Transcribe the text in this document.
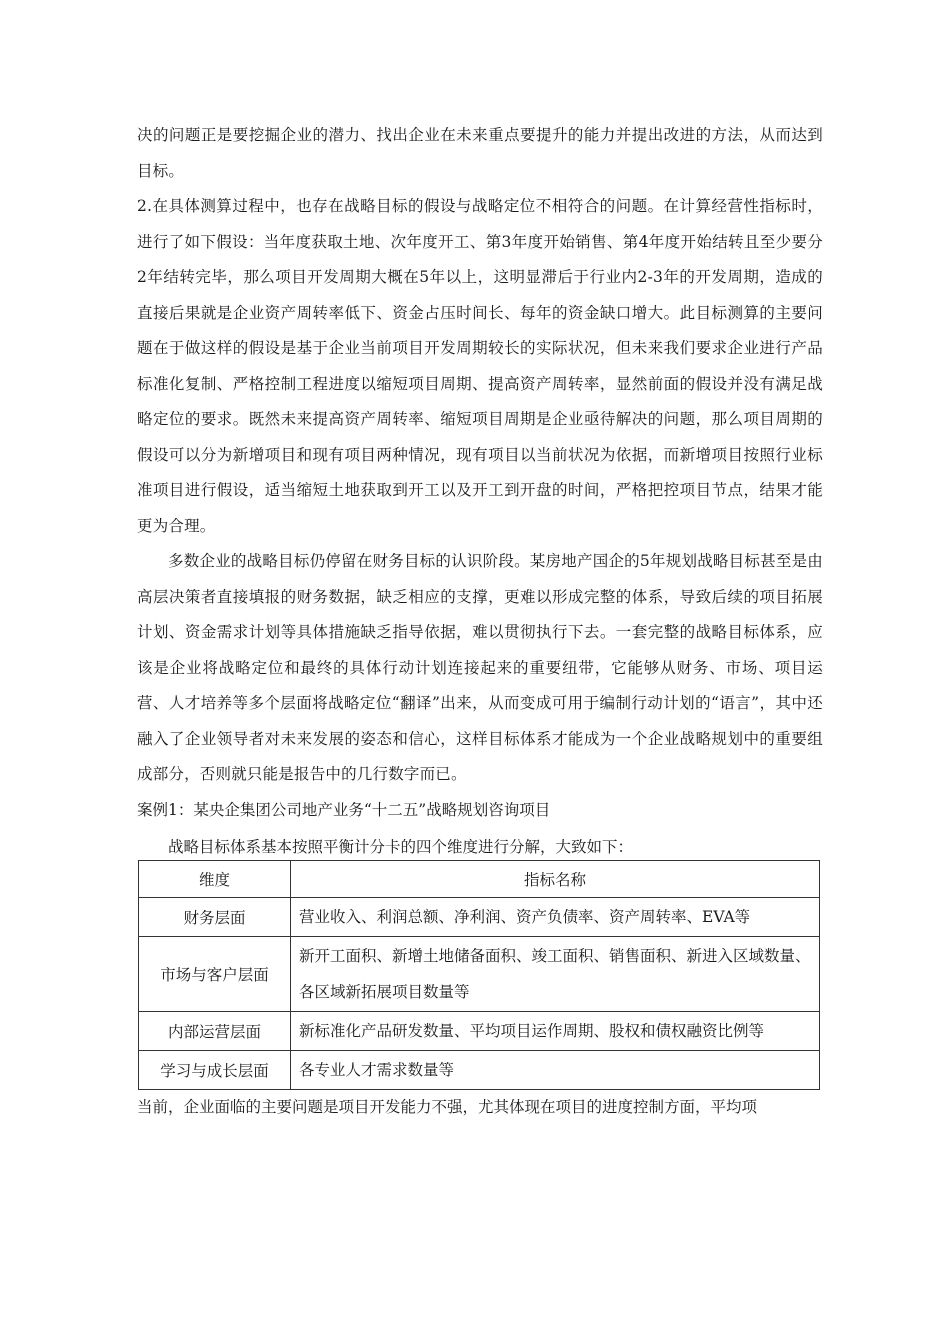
决的问题正是要挖掘企业的潜力、找出企业在未来重点要提升的能力并提出改进的方法，从而达到目标。

2.在具体测算过程中，也存在战略目标的假设与战略定位不相符合的问题。在计算经营性指标时，进行了如下假设：当年度获取土地、次年度开工、第3年度开始销售、第4年度开始结转且至少要分2年结转完毕，那么项目开发周期大概在5年以上，这明显滞后于行业内2-3年的开发周期，造成的直接后果就是企业资产周转率低下、资金占压时间长、每年的资金缺口增大。此目标测算的主要问题在于做这样的假设是基于企业当前项目开发周期较长的实际状况，但未来我们要求企业进行产品标准化复制、严格控制工程进度以缩短项目周期、提高资产周转率，显然前面的假设并没有满足战略定位的要求。既然未来提高资产周转率、缩短项目周期是企业亟待解决的问题，那么项目周期的假设可以分为新增项目和现有项目两种情况，现有项目以当前状况为依据，而新增项目按照行业标准项目进行假设，适当缩短土地获取到开工以及开工到开盘的时间，严格把控项目节点，结果才能更为合理。

多数企业的战略目标仍停留在财务目标的认识阶段。某房地产国企的5年规划战略目标甚至是由高层决策者直接填报的财务数据，缺乏相应的支撑，更难以形成完整的体系，导致后续的项目拓展计划、资金需求计划等具体措施缺乏指导依据，难以贯彻执行下去。一套完整的战略目标体系，应该是企业将战略定位和最终的具体行动计划连接起来的重要纽带，它能够从财务、市场、项目运营、人才培养等多个层面将战略定位“翻译”出来，从而变成可用于编制行动计划的“语言”，其中还融入了企业领导者对未来发展的姿态和信心，这样目标体系才能成为一个企业战略规划中的重要组成部分，否则就只能是报告中的几行数字而已。

案例1：某央企集团公司地产业务“十二五”战略规划咨询项目

战略目标体系基本按照平衡计分卡的四个维度进行分解，大致如下：

维度	指标名称
财务层面	营业收入、利润总额、净利润、资产负债率、资产周转率、EVA等
市场与客户层面	新开工面积、新增土地储备面积、竣工面积、销售面积、新进入区域数量、各区域新拓展项目数量等
内部运营层面	新标准化产品研发数量、平均项目运作周期、股权和债权融资比例等
学习与成长层面	各专业人才需求数量等

当前，企业面临的主要问题是项目开发能力不强，尤其体现在项目的进度控制方面，平均项
